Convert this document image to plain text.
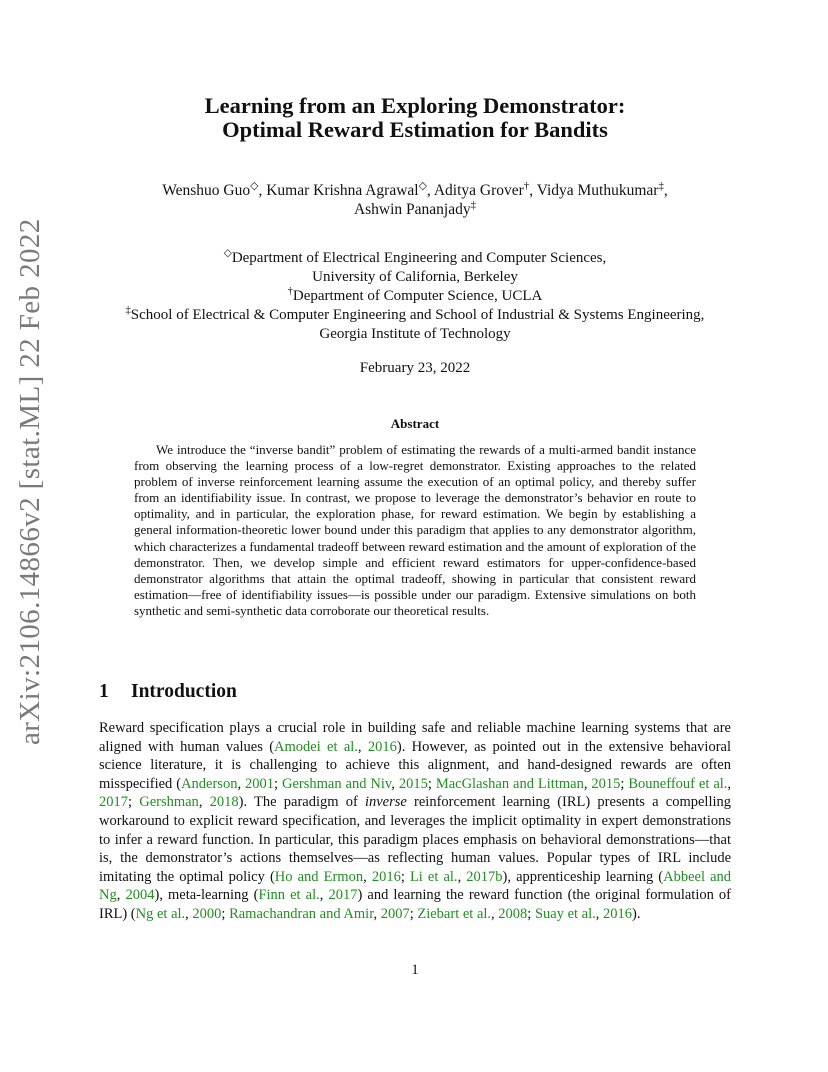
arXiv:2106.14866v2 [stat.ML] 22 Feb 2022
Learning from an Exploring Demonstrator:
Optimal Reward Estimation for Bandits
Wenshuo Guo◇, Kumar Krishna Agrawal◇, Aditya Grover†, Vidya Muthukumar‡,
Ashwin Pananjady‡
◇Department of Electrical Engineering and Computer Sciences,
University of California, Berkeley
†Department of Computer Science, UCLA
‡School of Electrical & Computer Engineering and School of Industrial & Systems Engineering,
Georgia Institute of Technology
February 23, 2022
Abstract

We introduce the “inverse bandit” problem of estimating the rewards of a multi-armed bandit instance from observing the learning process of a low-regret demonstrator. Existing approaches to the related problem of inverse reinforcement learning assume the execution of an optimal policy, and thereby suffer from an identifiability issue. In contrast, we propose to leverage the demonstrator’s behavior en route to optimality, and in particular, the exploration phase, for reward estimation. We begin by establishing a general information-theoretic lower bound under this paradigm that applies to any demonstrator algorithm, which characterizes a fundamental tradeoff between reward estimation and the amount of exploration of the demonstrator. Then, we develop simple and efficient reward estimators for upper-confidence-based demonstrator algorithms that attain the optimal tradeoff, showing in particular that consistent reward estimation—free of identifiability issues—is possible under our paradigm. Extensive simulations on both synthetic and semi-synthetic data corroborate our theoretical results.

1 Introduction

Reward specification plays a crucial role in building safe and reliable machine learning systems that are aligned with human values (Amodei et al., 2016). However, as pointed out in the extensive behavioral science literature, it is challenging to achieve this alignment, and hand-designed rewards are often misspecified (Anderson, 2001; Gershman and Niv, 2015; MacGlashan and Littman, 2015; Bouneffouf et al., 2017; Gershman, 2018). The paradigm of inverse reinforcement learning (IRL) presents a compelling workaround to explicit reward specification, and leverages the implicit optimality in expert demonstrations to infer a reward function. In particular, this paradigm places emphasis on behavioral demonstrations—that is, the demonstrator’s actions themselves—as reflecting human values. Popular types of IRL include imitating the optimal policy (Ho and Ermon, 2016; Li et al., 2017b), apprenticeship learning (Abbeel and Ng, 2004), meta-learning (Finn et al., 2017) and learning the reward function (the original formulation of IRL) (Ng et al., 2000; Ramachandran and Amir, 2007; Ziebart et al., 2008; Suay et al., 2016).

1
